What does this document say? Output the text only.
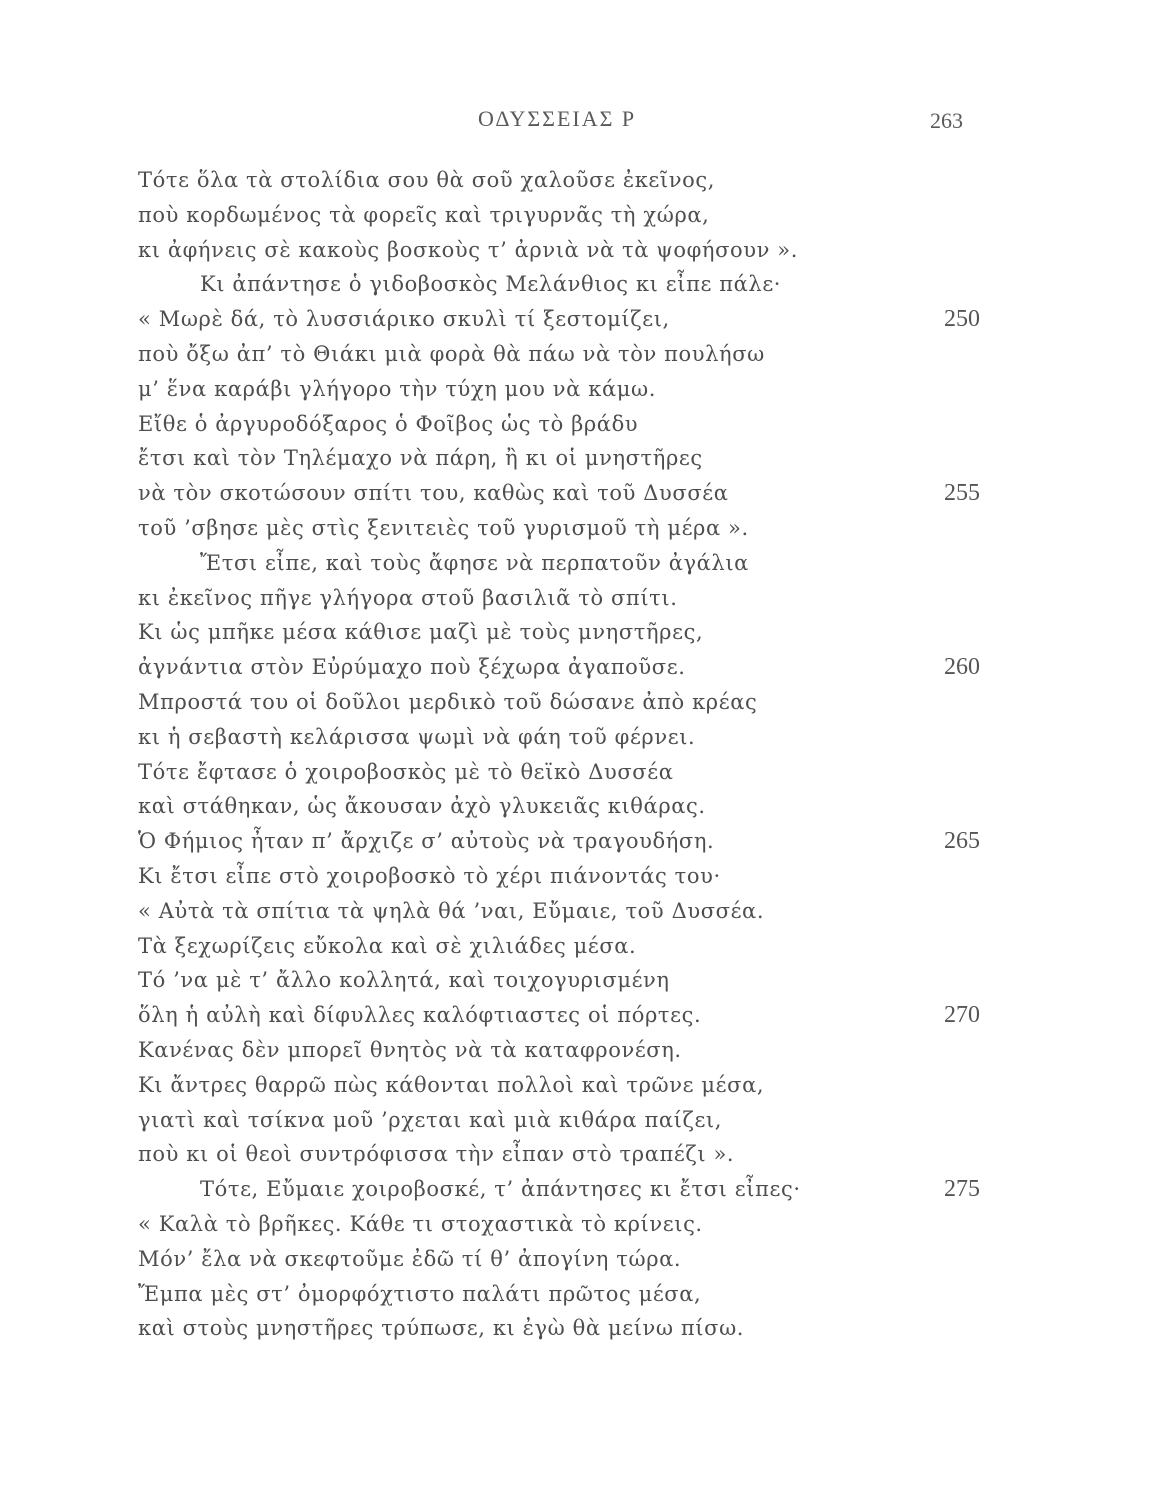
ΟΔΥΣΣΕΙΑΣ Ρ	263
Τότε ὅλα τὰ στολίδια σου θὰ σοῦ χαλοῦσε ἐκεῖνος,
ποὺ κορδωμένος τὰ φορεῖς καὶ τριγυρνᾶς τὴ χώρα,
κι ἀφήνεις σὲ κακοὺς βοσκοὺς τ’ ἀρνιὰ νὰ τὰ ψοφήσουν ».
Κι ἀπάντησε ὁ γιδοβοσκὸς Μελάνθιος κι εἶπε πάλε·
« Μωρὲ δά, τὸ λυσσιάρικο σκυλὶ τί ξεστομίζει,	250
ποὺ ὄξω ἀπ’ τὸ Θιάκι μιὰ φορὰ θὰ πάω νὰ τὸν πουλήσω
μ’ ἕνα καράβι γλήγορο τὴν τύχη μου νὰ κάμω.
Εἴθε ὁ ἀργυροδόξαρος ὁ Φοῖβος ὡς τὸ βράδυ
ἔτσι καὶ τὸν Τηλέμαχο νὰ πάρη, ἢ κι οἱ μνηστῆρες
νὰ τὸν σκοτώσουν σπίτι του, καθὼς καὶ τοῦ Δυσσέα	255
τοῦ ’σβησε μὲς στὶς ξενιτειὲς τοῦ γυρισμοῦ τὴ μέρα ».
Ἔτσι εἶπε, καὶ τοὺς ἄφησε νὰ περπατοῦν ἀγάλια
κι ἐκεῖνος πῆγε γλήγορα στοῦ βασιλιᾶ τὸ σπίτι.
Κι ὡς μπῆκε μέσα κάθισε μαζὶ μὲ τοὺς μνηστῆρες,
ἀγνάντια στὸν Εὐρύμαχο ποὺ ξέχωρα ἀγαποῦσε.	260
Μπροστά του οἱ δοῦλοι μερδικὸ τοῦ δώσανε ἀπὸ κρέας
κι ἡ σεβαστὴ κελάρισσα ψωμὶ νὰ φάη τοῦ φέρνει.
Τότε ἔφτασε ὁ χοιροβοσκὸς μὲ τὸ θεϊκὸ Δυσσέα
καὶ στάθηκαν, ὡς ἄκουσαν ἀχὸ γλυκειᾶς κιθάρας.
Ὁ Φήμιος ἦταν π’ ἄρχιζε σ’ αὐτοὺς νὰ τραγουδήση.	265
Κι ἔτσι εἶπε στὸ χοιροβοσκὸ τὸ χέρι πιάνοντάς του·
« Αὐτὰ τὰ σπίτια τὰ ψηλὰ θά ’ναι, Εὔμαιε, τοῦ Δυσσέα.
Τὰ ξεχωρίζεις εὔκολα καὶ σὲ χιλιάδες μέσα.
Τό ’να μὲ τ’ ἄλλο κολλητά, καὶ τοιχογυρισμένη
ὅλη ἡ αὐλὴ καὶ δίφυλλες καλόφτιαστες οἱ πόρτες.	270
Κανένας δὲν μπορεῖ θνητὸς νὰ τὰ καταφρονέση.
Κι ἄντρες θαρρῶ πὼς κάθονται πολλοὶ καὶ τρῶνε μέσα,
γιατὶ καὶ τσίκνα μοῦ ’ρχεται καὶ μιὰ κιθάρα παίζει,
ποὺ κι οἱ θεοὶ συντρόφισσα τὴν εἶπαν στὸ τραπέζι ».
Τότε, Εὔμαιε χοιροβοσκέ, τ’ ἀπάντησες κι ἔτσι εἶπες·	275
« Καλὰ τὸ βρῆκες. Κάθε τι στοχαστικὰ τὸ κρίνεις.
Μόν’ ἔλα νὰ σκεφτοῦμε ἐδῶ τί θ’ ἀπογίνη τώρα.
Ἔμπα μὲς στ’ ὀμορφόχτιστο παλάτι πρῶτος μέσα,
καὶ στοὺς μνηστῆρες τρύπωσε, κι ἐγὼ θὰ μείνω πίσω.
